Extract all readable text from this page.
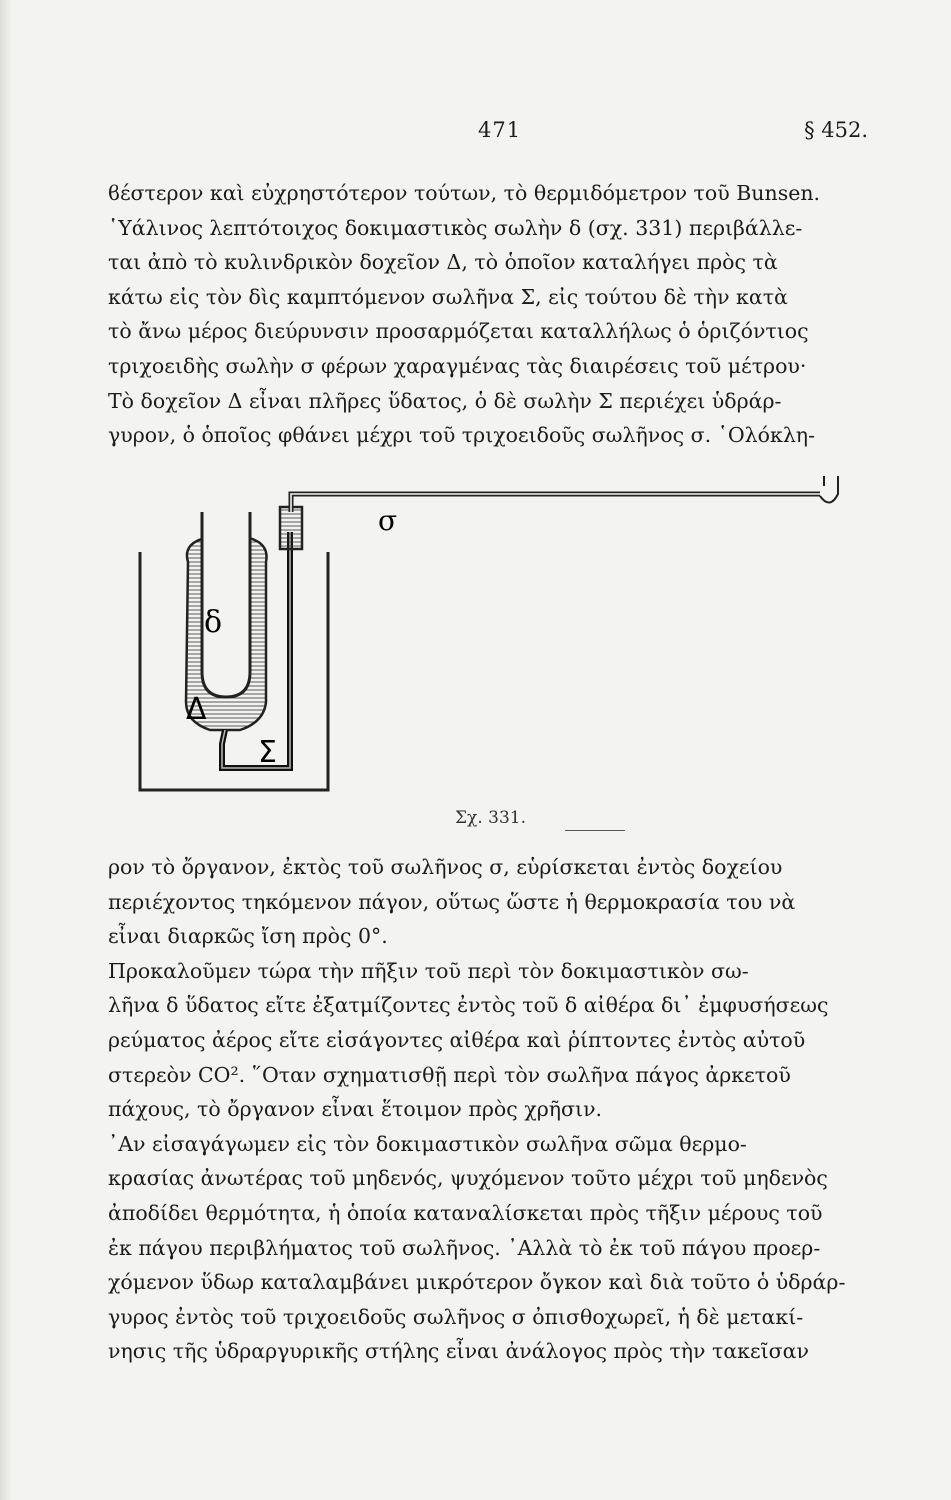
471	§ 452.
ϐέστερον καὶ εὐχρηστότερον τούτων, τὸ θερμιδόμετρον τοῦ Bunsen.
῾Υάλινος λεπτότοιχος δοκιμαστικὸς σωλὴν δ (σχ. 331) περιβάλλε-
ται ἀπὸ τὸ κυλινδρικὸν δοχεῖον Δ, τὸ ὁποῖον καταλήγει πρὸς τὰ
κάτω εἰς τὸν δὶς καμπτόμενον σωλῆνα Σ, εἰς τούτου δὲ τὴν κατὰ
τὸ ἄνω μέρος διεύρυνσιν προσαρμόζεται καταλλήλως ὁ ὁριζόντιος
τριχοειδὴς σωλὴν σ φέρων χαραγμένας τὰς διαιρέσεις τοῦ μέτρου·
Τὸ δοχεῖον Δ εἶναι πλῆρες ὕδατος, ὁ δὲ σωλὴν Σ περιέχει ὑδράρ-
γυρον, ὁ ὁποῖος φθάνει μέχρι τοῦ τριχοειδοῦς σωλῆνος σ. ῾Ολόκλη-
σ
δ
Δ
Σ
Σχ. 331.
ρον τὸ ὄργανον, ἐκτὸς τοῦ σωλῆνος σ, εὑρίσκεται ἐντὸς δοχείου
περιέχοντος τηκόμενον πάγον, οὕτως ὥστε ἡ θερμοκρασία του νὰ
εἶναι διαρκῶς ἴση πρὸς 0°.
Προκαλοῦμεν τώρα τὴν πῆξιν τοῦ περὶ τὸν δοκιμαστικὸν σω-
λῆνα δ ὕδατος εἴτε ἐξατμίζοντες ἐντὸς τοῦ δ αἰθέρα δι᾽ ἐμφυσήσεως
ρεύματος ἀέρος εἴτε εἰσάγοντες αἰθέρα καὶ ῥίπτοντες ἐντὸς αὐτοῦ
στερεὸν CO². ῞Οταν σχηματισθῇ περὶ τὸν σωλῆνα πάγος ἀρκετοῦ
πάχους, τὸ ὄργανον εἶναι ἕτοιμον πρὸς χρῆσιν.
᾽Αν εἰσαγάγωμεν εἰς τὸν δοκιμαστικὸν σωλῆνα σῶμα θερμο-
κρασίας ἀνωτέρας τοῦ μηδενός, ψυχόμενον τοῦτο μέχρι τοῦ μηδενὸς
ἀποδίδει θερμότητα, ἡ ὁποία καταναλίσκεται πρὸς τῆξιν μέρους τοῦ
ἐκ πάγου περιβλήματος τοῦ σωλῆνος. ᾽Αλλὰ τὸ ἐκ τοῦ πάγου προερ-
χόμενον ὕδωρ καταλαμβάνει μικρότερον ὄγκον καὶ διὰ τοῦτο ὁ ὑδράρ-
γυρος ἐντὸς τοῦ τριχοειδοῦς σωλῆνος σ ὀπισθοχωρεῖ, ἡ δὲ μετακί-
νησις τῆς ὑδραργυρικῆς στήλης εἶναι ἀνάλογος πρὸς τὴν τακεῖσαν
